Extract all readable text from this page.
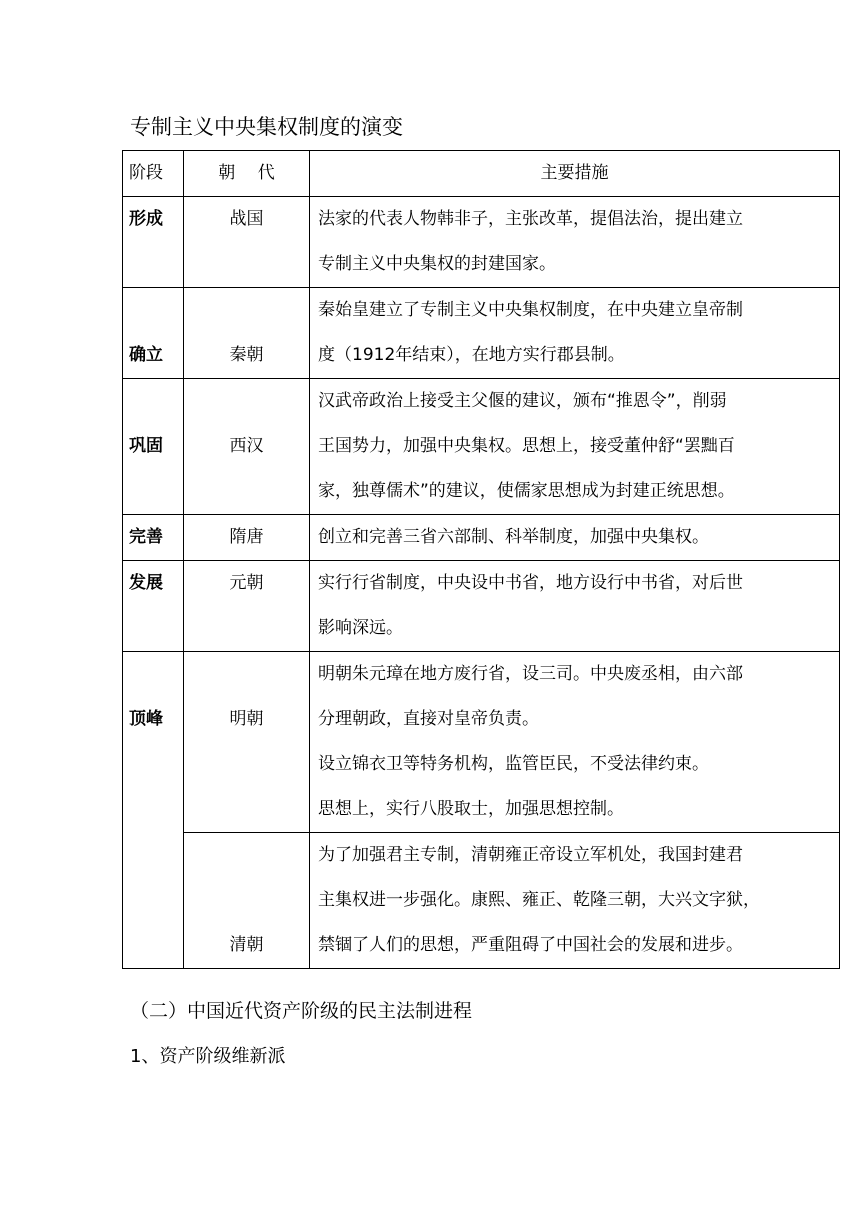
专制主义中央集权制度的演变
阶段	朝　 代	主要措施
形成	战国	法家的代表人物韩非子，主张改革，提倡法治，提出建立
专制主义中央集权的封建国家。

确立	秦朝	秦始皇建立了专制主义中央集权制度，在中央建立皇帝制
度（1912年结束），在地方实行郡县制。

巩固	西汉	汉武帝政治上接受主父偃的建议，颁布“推恩令”，削弱
王国势力，加强中央集权。思想上，接受董仲舒“罢黜百
家，独尊儒术”的建议，使儒家思想成为封建正统思想。

完善	隋唐	创立和完善三省六部制、科举制度，加强中央集权。

发展	元朝	实行行省制度，中央设中书省，地方设行中书省，对后世
影响深远。

顶峰	明朝	明朝朱元璋在地方废行省，设三司。中央废丞相，由六部
分理朝政，直接对皇帝负责。
设立锦衣卫等特务机构，监管臣民，不受法律约束。
思想上，实行八股取士，加强思想控制。

	清朝	为了加强君主专制，清朝雍正帝设立军机处，我国封建君
主集权进一步强化。康熙、雍正、乾隆三朝，大兴文字狱，
禁锢了人们的思想，严重阻碍了中国社会的发展和进步。
（二）中国近代资产阶级的民主法制进程
1、资产阶级维新派
